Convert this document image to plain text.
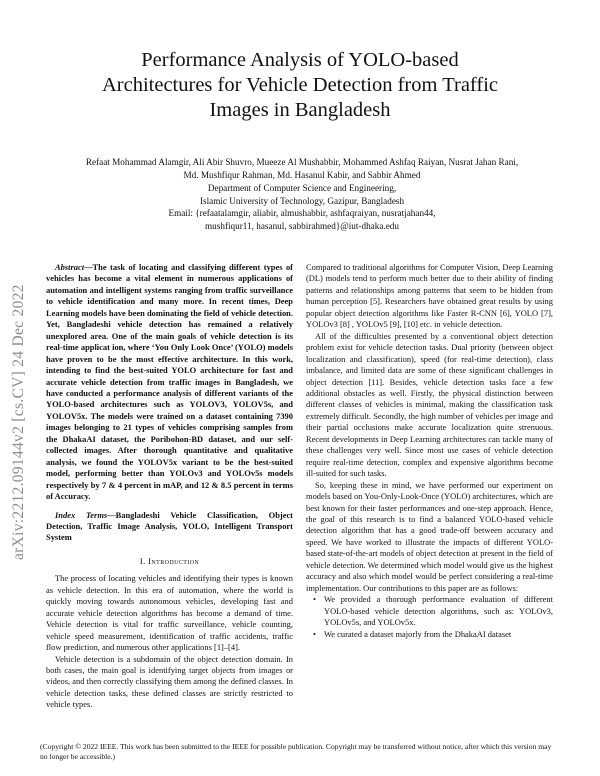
Performance Analysis of YOLO-based
Architectures for Vehicle Detection from Traffic
Images in Bangladesh
Refaat Mohammad Alamgir, Ali Abir Shuvro, Mueeze Al Mushabbir, Mohammed Ashfaq Raiyan, Nusrat Jahan Rani,
Md. Mushfiqur Rahman, Md. Hasanul Kabir, and Sabbir Ahmed
Department of Computer Science and Engineering,
Islamic University of Technology, Gazipur, Bangladesh
Email: {refaatalamgir, aliabir, almushabbir, ashfaqraiyan, nusratjahan44,
mushfiqur11, hasanul, sabbirahmed}@iut-dhaka.edu
arXiv:2212.09144v2 [cs.CV] 24 Dec 2022

Abstract—The task of locating and classifying different types of vehicles has become a vital element in numerous applications of automation and intelligent systems ranging from traffic surveillance to vehicle identification and many more. In recent times, Deep Learning models have been dominating the field of vehicle detection. Yet, Bangladeshi vehicle detection has remained a relatively unexplored area. One of the main goals of vehicle detection is its real-time applicat ion, where ‘You Only Look Once’ (YOLO) models have proven to be the most effective architecture. In this work, intending to find the best-suited YOLO architecture for fast and accurate vehicle detection from traffic images in Bangladesh, we have conducted a performance analysis of different variants of the YOLO-based architectures such as YOLOV3, YOLOV5s, and YOLOV5x. The models were trained on a dataset containing 7390 images belonging to 21 types of vehicles comprising samples from the DhakaAI dataset, the Poribohon-BD dataset, and our self-collected images. After thorough quantitative and qualitative analysis, we found the YOLOV5x variant to be the best-suited model, performing better than YOLOv3 and YOLOv5s models respectively by 7 & 4 percent in mAP, and 12 & 8.5 percent in terms of Accuracy.

Index Terms—Bangladeshi Vehicle Classification, Object Detection, Traffic Image Analysis, YOLO, Intelligent Transport System

I. Introduction

The process of locating vehicles and identifying their types is known as vehicle detection. In this era of automation, where the world is quickly moving towards autonomous vehicles, developing fast and accurate vehicle detection algorithms has become a demand of time. Vehicle detection is vital for traffic surveillance, vehicle counting, vehicle speed measurement, identification of traffic accidents, traffic flow prediction, and numerous other applications [1]–[4].

Vehicle detection is a subdomain of the object detection domain. In both cases, the main goal is identifying target objects from images or videos, and then correctly classifying them among the defined classes. In vehicle detection tasks, these defined classes are strictly restricted to vehicle types.

Compared to traditional algorithms for Computer Vision, Deep Learning (DL) models tend to perform much better due to their ability of finding patterns and relationships among patterns that seem to be hidden from human perception [5]. Researchers have obtained great results by using popular object detection algorithms like Faster R-CNN [6], YOLO [7], YOLOv3 [8] , YOLOv5 [9], [10] etc. in vehicle detection.

All of the difficulties presented by a conventional object detection problem exist for vehicle detection tasks. Dual priority (between object localization and classification), speed (for real-time detection), class imbalance, and limited data are some of these significant challenges in object detection [11]. Besides, vehicle detection tasks face a few additional obstacles as well. Firstly, the physical distinction between different classes of vehicles is minimal, making the classification task extremely difficult. Secondly, the high number of vehicles per image and their partial occlusions make accurate localization quite strenuous. Recent developments in Deep Learning architectures can tackle many of these challenges very well. Since most use cases of vehicle detection require real-time detection, complex and expensive algorithms become ill-suited for such tasks.

So, keeping these in mind, we have performed our experiment on models based on You-Only-Look-Once (YOLO) architectures, which are best known for their faster performances and one-step approach. Hence, the goal of this research is to find a balanced YOLO-based vehicle detection algorithm that has a good trade-off between accuracy and speed. We have worked to illustrate the impacts of different YOLO-based state-of-the-art models of object detection at present in the field of vehicle detection. We determined which model would give us the highest accuracy and also which model would be perfect considering a real-time implementation. Our contributions to this paper are as follows:

• We provided a thorough performance evaluation of different YOLO-based vehicle detection algorithms, such as: YOLOv3, YOLOv5s, and YOLOv5x.
• We curated a dataset majorly from the DhakaAI dataset
(Copyright © 2022 IEEE. This work has been submitted to the IEEE for possible publication. Copyright may be transferred without notice, after which this version may no longer be accessible.)
